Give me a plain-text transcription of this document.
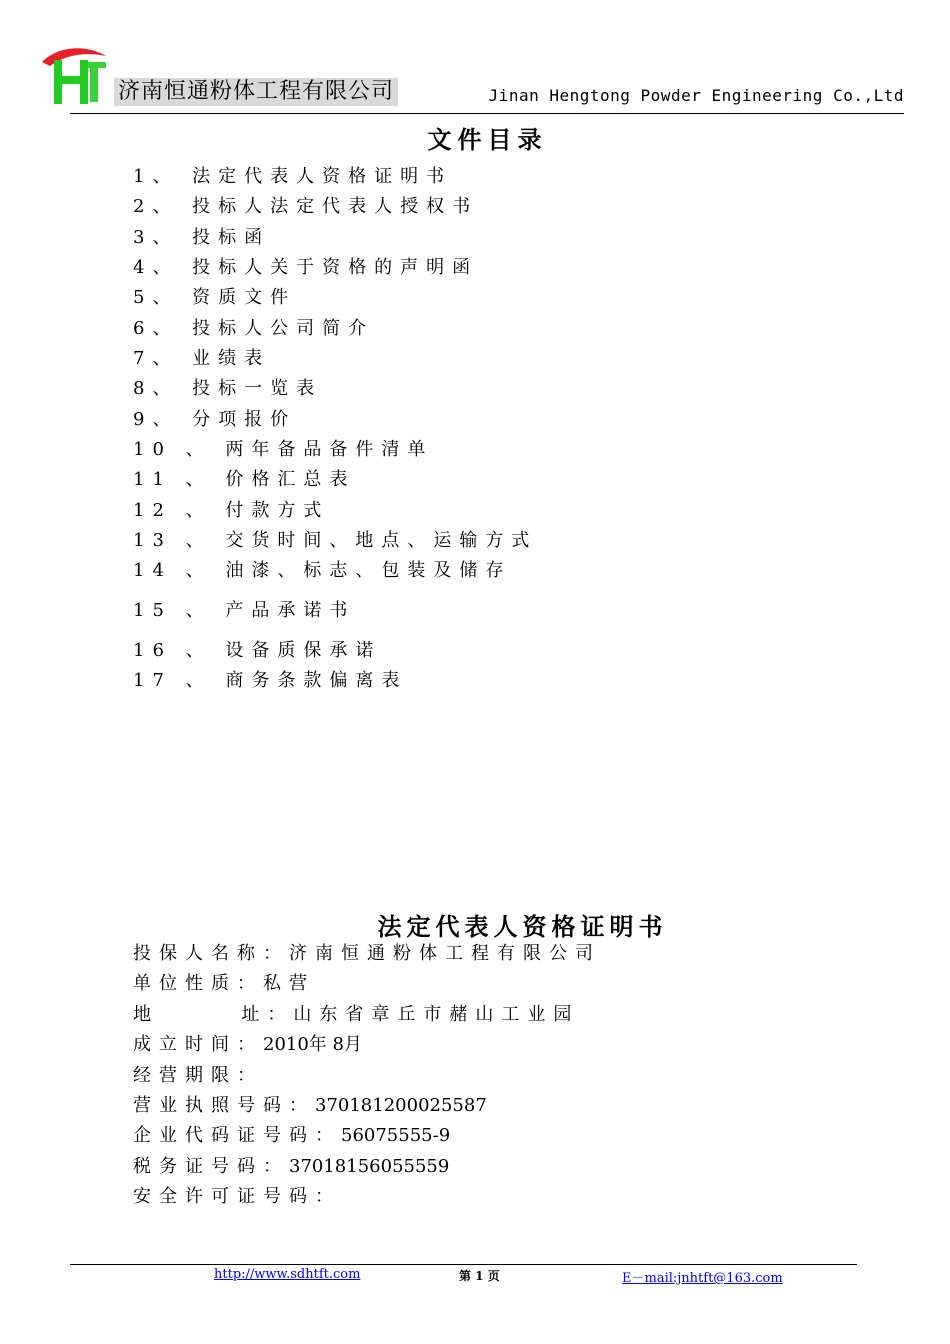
济南恒通粉体工程有限公司	Jinan Hengtong Powder Engineering Co.,Ltd
文件目录
1、 法定代表人资格证明书
2、 投标人法定代表人授权书
3、 投标函
4、 投标人关于资格的声明函
5、 资质文件
6、 投标人公司简介
7、 业绩表
8、 投标一览表
9、 分项报价
10 、 两年备品备件清单
11 、 价格汇总表
12 、 付款方式
13 、 交货时间、地点、运输方式
14 、 油漆、标志、包装及储存
15 、 产品承诺书
16 、 设备质保承诺
17 、 商务条款偏离表
法定代表人资格证明书
投保人名称：济南恒通粉体工程有限公司
单位性质：私营
地      址：山东省章丘市赭山工业园
成立时间：2010年 8月
经营期限：
营业执照号码：370181200025587
企业代码证号码：56075555-9
税务证号码：37018156055559
安全许可证号码：
http://www.sdhtft.com	第 1 页	E－mail:jnhtft@163.com
